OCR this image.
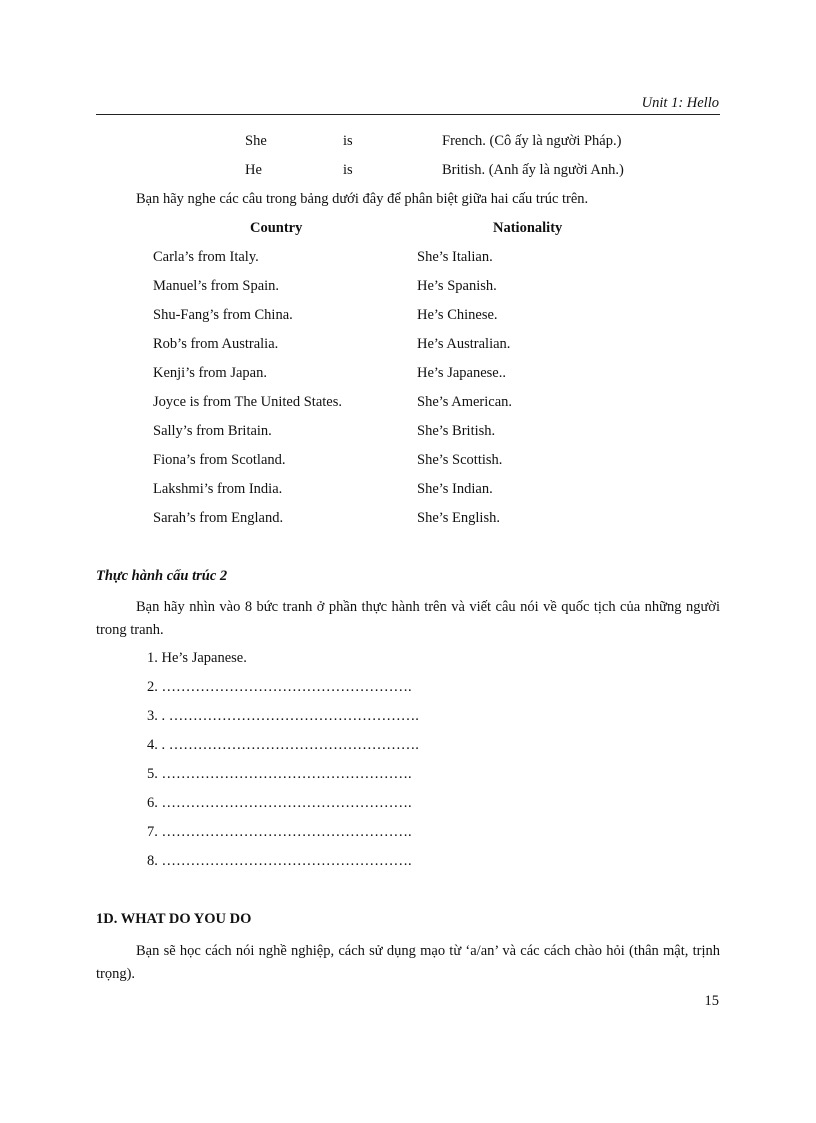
Unit 1: Hello
She	is	French. (Cô ấy là người Pháp.)
He	is	British. (Anh ấy là người Anh.)
Bạn hãy nghe các câu trong bảng dưới đây để phân biệt giữa hai cấu trúc trên.
Country	Nationality
Carla’s from Italy.	She’s Italian.
Manuel’s from Spain.	He’s Spanish.
Shu-Fang’s from China.	He’s Chinese.
Rob’s from Australia.	He’s Australian.
Kenji’s from Japan.	He’s Japanese..
Joyce is from The United States.	She’s American.
Sally’s from Britain.	She’s British.
Fiona’s from Scotland.	She’s Scottish.
Lakshmi’s from India.	She’s Indian.
Sarah’s from England.	She’s English.
Thực hành cấu trúc 2
Bạn hãy nhìn vào 8 bức tranh ở phần thực hành trên và viết câu nói về quốc tịch của những người trong tranh.
1. He’s Japanese.
2. …………………………………………….
3. . …………………………………………….
4. . …………………………………………….
5. …………………………………………….
6. …………………………………………….
7. …………………………………………….
8. …………………………………………….
1D. WHAT DO YOU DO
Bạn sẽ học cách nói nghề nghiệp, cách sử dụng mạo từ ‘a/an’ và các cách chào hỏi (thân mật, trịnh trọng).
15
